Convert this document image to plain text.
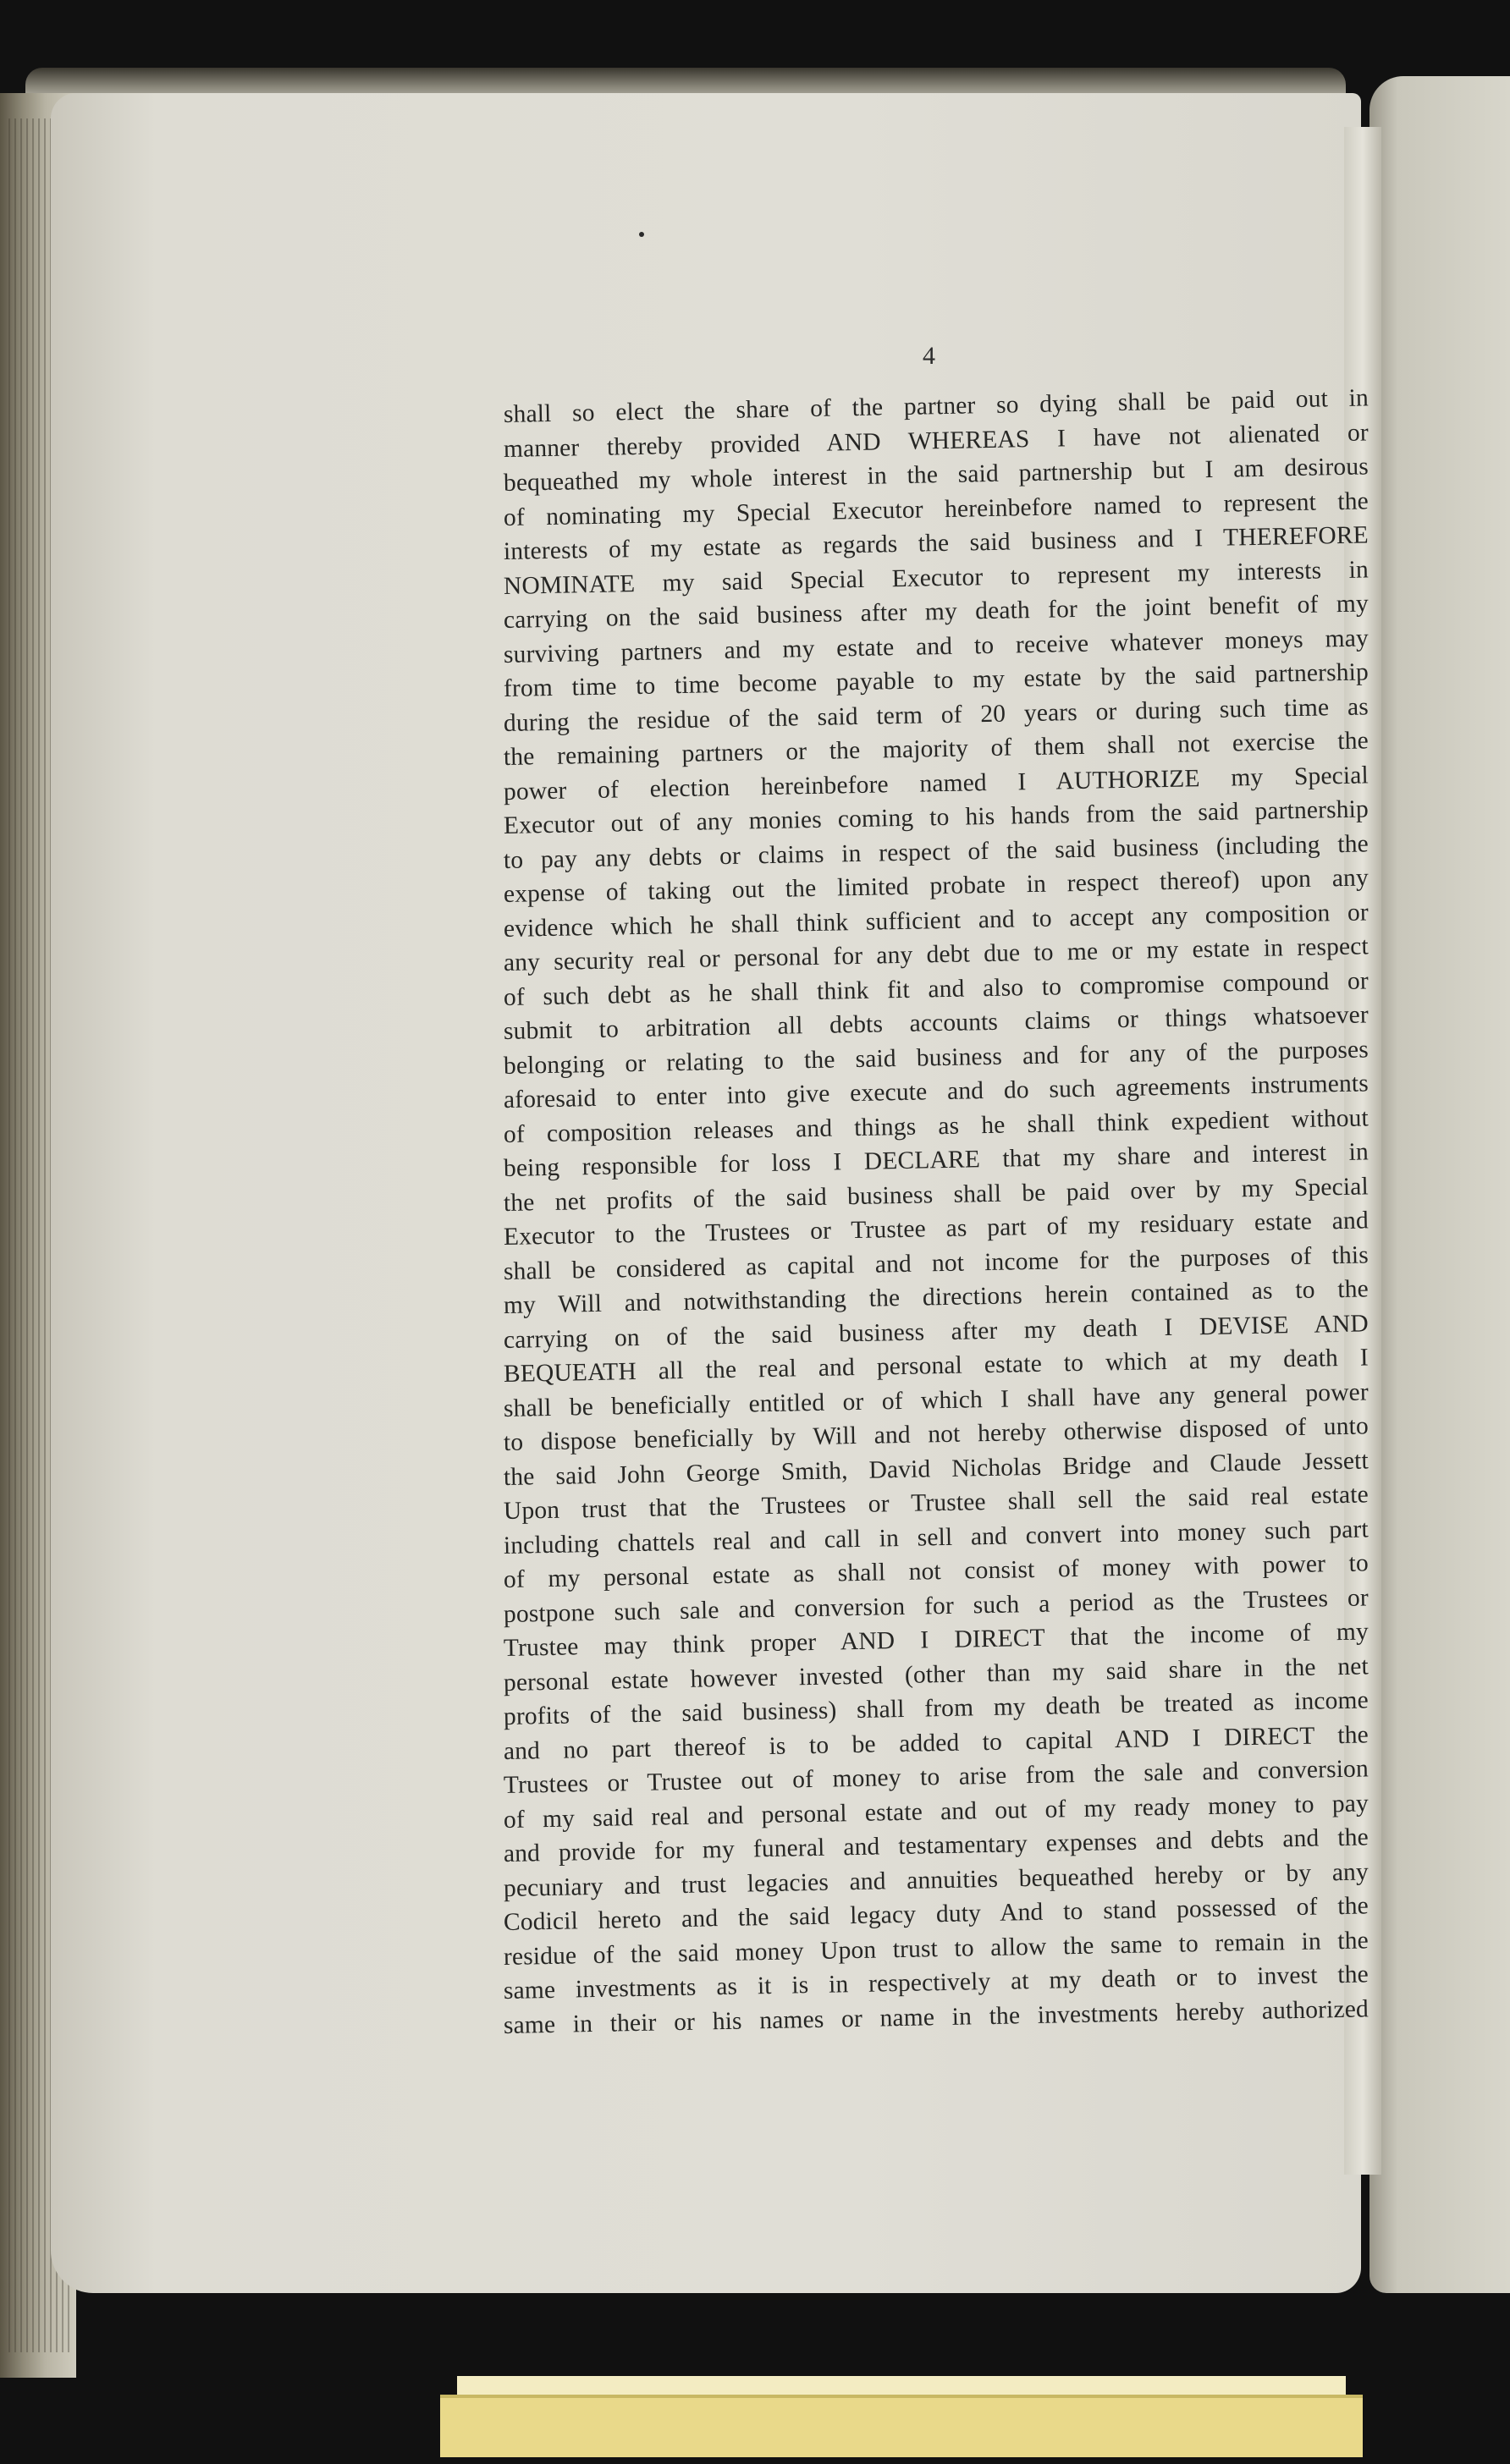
4
shall so elect the share of the partner so dying shall be paid out in
manner thereby provided AND WHEREAS I have not alienated or
bequeathed my whole interest in the said partnership but I am desirous
of nominating my Special Executor hereinbefore named to represent the
interests of my estate as regards the said business and I THEREFORE
NOMINATE my said Special Executor to represent my interests in
carrying on the said business after my death for the joint benefit of my
surviving partners and my estate and to receive whatever moneys may
from time to time become payable to my estate by the said partnership
during the residue of the said term of 20 years or during such time as
the remaining partners or the majority of them shall not exercise the
power of election hereinbefore named I AUTHORIZE my Special
Executor out of any monies coming to his hands from the said partnership
to pay any debts or claims in respect of the said business (including the
expense of taking out the limited probate in respect thereof) upon any
evidence which he shall think sufficient and to accept any composition or
any security real or personal for any debt due to me or my estate in respect
of such debt as he shall think fit and also to compromise compound or
submit to arbitration all debts accounts claims or things whatsoever
belonging or relating to the said business and for any of the purposes
aforesaid to enter into give execute and do such agreements instruments
of composition releases and things as he shall think expedient without
being responsible for loss I DECLARE that my share and interest in
the net profits of the said business shall be paid over by my Special
Executor to the Trustees or Trustee as part of my residuary estate and
shall be considered as capital and not income for the purposes of this
my Will and notwithstanding the directions herein contained as to the
carrying on of the said business after my death I DEVISE AND
BEQUEATH all the real and personal estate to which at my death I
shall be beneficially entitled or of which I shall have any general power
to dispose beneficially by Will and not hereby otherwise disposed of unto
the said John George Smith, David Nicholas Bridge and Claude Jessett
Upon trust that the Trustees or Trustee shall sell the said real estate
including chattels real and call in sell and convert into money such part
of my personal estate as shall not consist of money with power to
postpone such sale and conversion for such a period as the Trustees or
Trustee may think proper AND I DIRECT that the income of my
personal estate however invested (other than my said share in the net
profits of the said business) shall from my death be treated as income
and no part thereof is to be added to capital AND I DIRECT the
Trustees or Trustee out of money to arise from the sale and conversion
of my said real and personal estate and out of my ready money to pay
and provide for my funeral and testamentary expenses and debts and the
pecuniary and trust legacies and annuities bequeathed hereby or by any
Codicil hereto and the said legacy duty And to stand possessed of the
residue of the said money Upon trust to allow the same to remain in the
same investments as it is in respectively at my death or to invest the
same in their or his names or name in the investments hereby authorized
